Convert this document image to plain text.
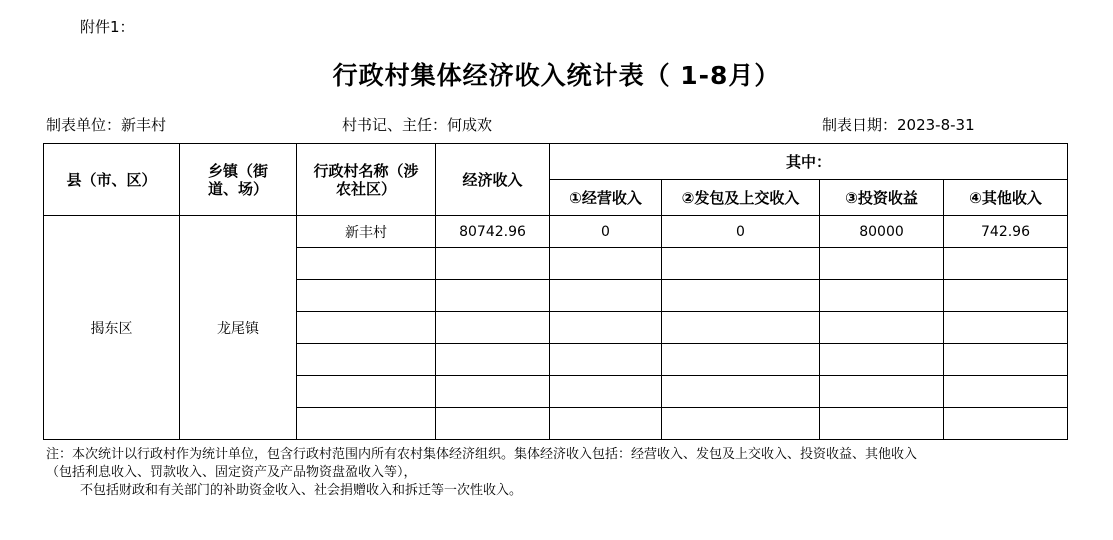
附件1：
行政村集体经济收入统计表（ 1-8月）
制表单位：新丰村	村书记、主任：何成欢	制表日期：2023-8-31
县（市、区）	乡镇（街道、场）	行政村名称（涉农社区）	经济收入	其中：			
				①经营收入	②发包及上交收入	③投资收益	④其他收入
揭东区	龙尾镇	新丰村	80742.96	0	0	80000	742.96

注：本次统计以行政村作为统计单位，包含行政村范围内所有农村集体经济组织。集体经济收入包括：经营收入、发包及上交收入、投资收益、其他收入
（包括利息收入、罚款收入、固定资产及产品物资盘盈收入等），
不包括财政和有关部门的补助资金收入、社会捐赠收入和拆迁等一次性收入。
